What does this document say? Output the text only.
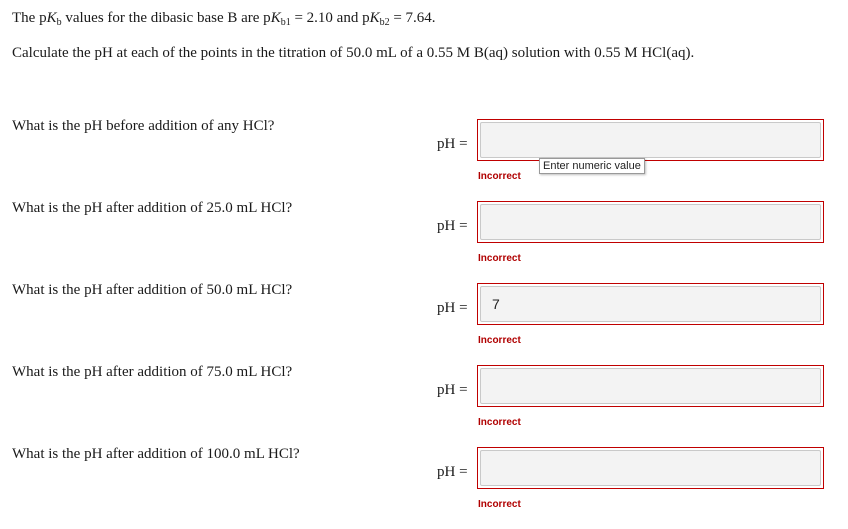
The $pK_b$ values for the dibasic base B are $pK_{b1} = 2.10$ and $pK_{b2} = 7.64$.
Calculate the pH at each of the points in the titration of 50.0 mL of a 0.55 M B(aq) solution with 0.55 M HCl(aq).
What is the pH before addition of any HCl?
pH =
Incorrect
Enter numeric value
What is the pH after addition of 25.0 mL HCl?
pH =
Incorrect
What is the pH after addition of 50.0 mL HCl?
pH =
7
Incorrect
What is the pH after addition of 75.0 mL HCl?
pH =
Incorrect
What is the pH after addition of 100.0 mL HCl?
pH =
Incorrect
